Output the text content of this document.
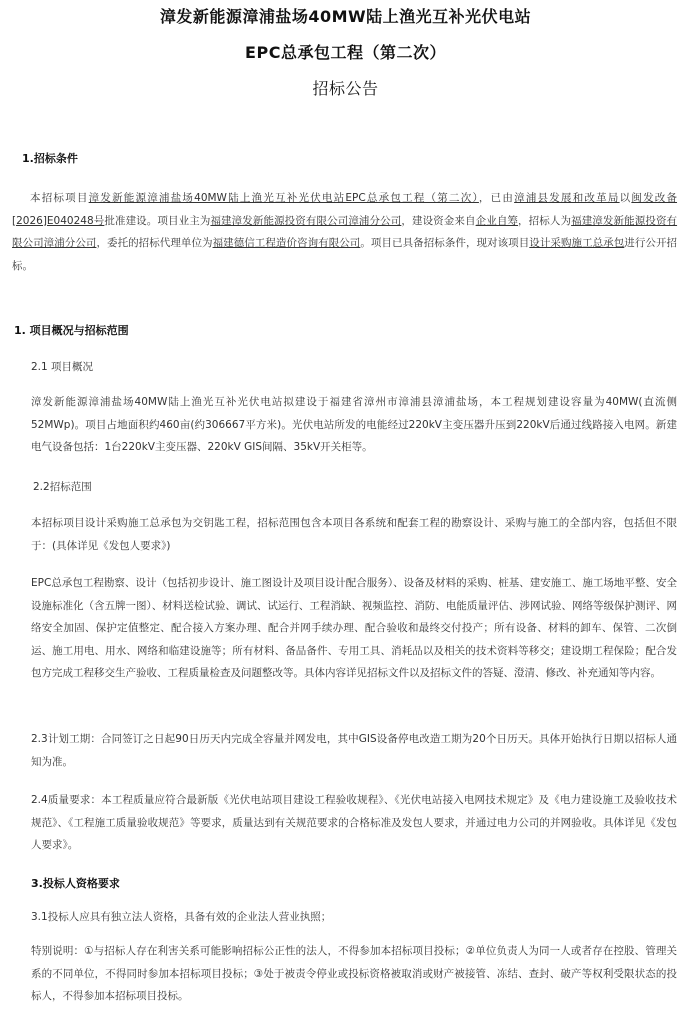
漳发新能源漳浦盐场40MW陆上渔光互补光伏电站
EPC总承包工程（第二次）
招标公告
1.招标条件
本招标项目漳发新能源漳浦盐场40MW陆上渔光互补光伏电站EPC总承包工程（第二次），已由漳浦县发展和改革局以闽发改备[2026]E040248号批准建设。项目业主为福建漳发新能源投资有限公司漳浦分公司，建设资金来自企业自筹，招标人为福建漳发新能源投资有限公司漳浦分公司，委托的招标代理单位为福建德信工程造价咨询有限公司。项目已具备招标条件，现对该项目设计采购施工总承包进行公开招标。
1. 项目概况与招标范围
2.1 项目概况
漳发新能源漳浦盐场40MW陆上渔光互补光伏电站拟建设于福建省漳州市漳浦县漳浦盐场，本工程规划建设容量为40MW(直流侧52MWp)。项目占地面积约460亩(约306667平方米)。光伏电站所发的电能经过220kV主变压器升压到220kV后通过线路接入电网。新建电气设备包括：1台220kV主变压器、220kV GIS间隔、35kV开关柜等。
2.2招标范围
本招标项目设计采购施工总承包为交钥匙工程，招标范围包含本项目各系统和配套工程的勘察设计、采购与施工的全部内容，包括但不限于：(具体详见《发包人要求》)
EPC总承包工程勘察、设计（包括初步设计、施工图设计及项目设计配合服务）、设备及材料的采购、桩基、建安施工、施工场地平整、安全设施标准化（含五牌一图）、材料送检试验、调试、试运行、工程消缺、视频监控、消防、电能质量评估、涉网试验、网络等级保护测评、网络安全加固、保护定值整定、配合接入方案办理、配合并网手续办理、配合验收和最终交付投产；所有设备、材料的卸车、保管、二次倒运、施工用电、用水、网络和临建设施等；所有材料、备品备件、专用工具、消耗品以及相关的技术资料等移交；建设期工程保险；配合发包方完成工程移交生产验收、工程质量检查及问题整改等。具体内容详见招标文件以及招标文件的答疑、澄清、修改、补充通知等内容。
2.3计划工期：合同签订之日起90日历天内完成全容量并网发电，其中GIS设备停电改造工期为20个日历天。具体开始执行日期以招标人通知为准。
2.4质量要求：本工程质量应符合最新版《光伏电站项目建设工程验收规程》、《光伏电站接入电网技术规定》及《电力建设施工及验收技术规范》、《工程施工质量验收规范》等要求，质量达到有关规范要求的合格标准及发包人要求，并通过电力公司的并网验收。具体详见《发包人要求》。
3.投标人资格要求
3.1投标人应具有独立法人资格，具备有效的企业法人营业执照；
特别说明：①与招标人存在利害关系可能影响招标公正性的法人，不得参加本招标项目投标；②单位负责人为同一人或者存在控股、管理关系的不同单位，不得同时参加本招标项目投标；③处于被责令停业或投标资格被取消或财产被接管、冻结、查封、破产等权利受限状态的投标人，不得参加本招标项目投标。
